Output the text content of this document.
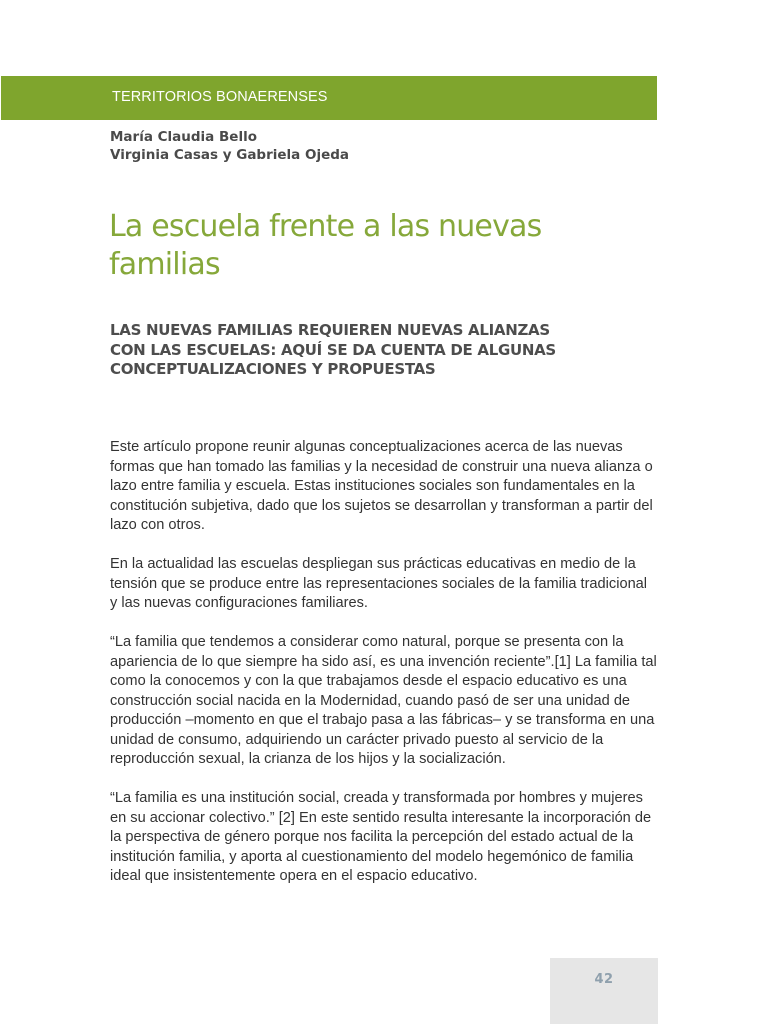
TERRITORIOS BONAERENSES
María Claudia Bello
Virginia Casas y Gabriela Ojeda
La escuela frente a las nuevas familias
LAS NUEVAS FAMILIAS REQUIEREN NUEVAS ALIANZAS CON LAS ESCUELAS: AQUÍ SE DA CUENTA DE ALGUNAS CONCEPTUALIZACIONES Y PROPUESTAS

Este artículo propone reunir algunas conceptualizaciones acerca de las nuevas formas que han tomado las familias y la necesidad de construir una nueva alianza o lazo entre familia y escuela. Estas instituciones sociales son fundamentales en la constitución subjetiva, dado que los sujetos se desarrollan y transforman a partir del lazo con otros.

En la actualidad las escuelas despliegan sus prácticas educativas en medio de la tensión que se produce entre las representaciones sociales de la familia tradicional y las nuevas configuraciones familiares.

“La familia que tendemos a considerar como natural, porque se presenta con la apariencia de lo que siempre ha sido así, es una invención reciente”.[1] La familia tal como la conocemos y con la que trabajamos desde el espacio educativo es una construcción social nacida en la Modernidad, cuando pasó de ser una unidad de producción –momento en que el trabajo pasa a las fábricas– y se transforma en una unidad de consumo, adquiriendo un carácter privado puesto al servicio de la reproducción sexual, la crianza de los hijos y la socialización.

“La familia es una institución social, creada y transformada por hombres y mujeres en su accionar colectivo.” [2] En este sentido resulta interesante la incorporación de la perspectiva de género porque nos facilita la percepción del estado actual de la institución familia, y aporta al cuestionamiento del modelo hegemónico de familia ideal que insistentemente opera en el espacio educativo.

42
